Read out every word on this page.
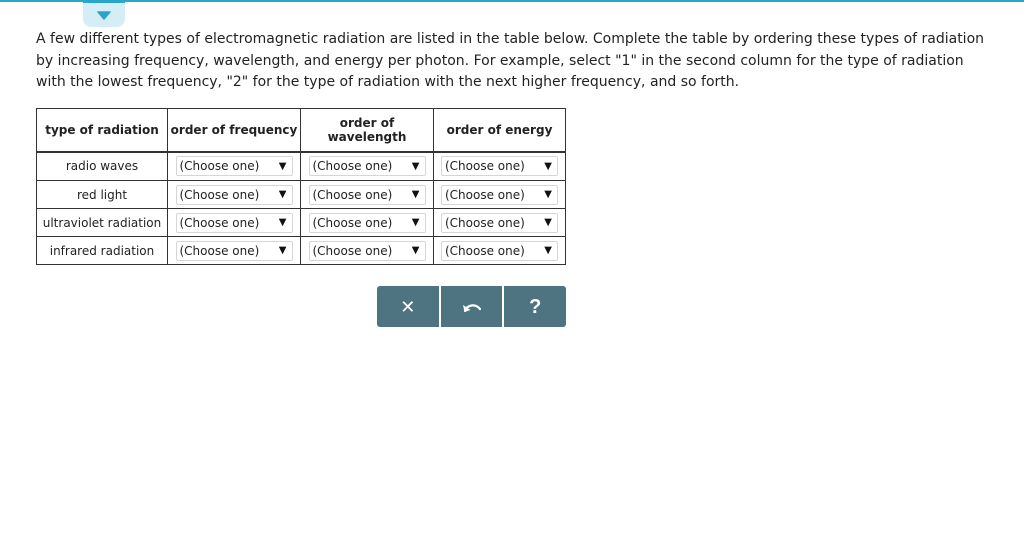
A few different types of electromagnetic radiation are listed in the table below. Complete the table by ordering these types of radiation by increasing frequency, wavelength, and energy per photon. For example, select "1" in the second column for the type of radiation with the lowest frequency, "2" for the type of radiation with the next higher frequency, and so forth.

type of radiation	order of frequency	order of wavelength	order of energy
radio waves	(Choose one) ▼	(Choose one) ▼	(Choose one) ▼

red light	(Choose one) ▼	(Choose one) ▼	(Choose one) ▼

ultraviolet radiation	(Choose one) ▼	(Choose one) ▼	(Choose one) ▼

infrared radiation	(Choose one) ▼	(Choose one) ▼	(Choose one) ▼
✕	?
